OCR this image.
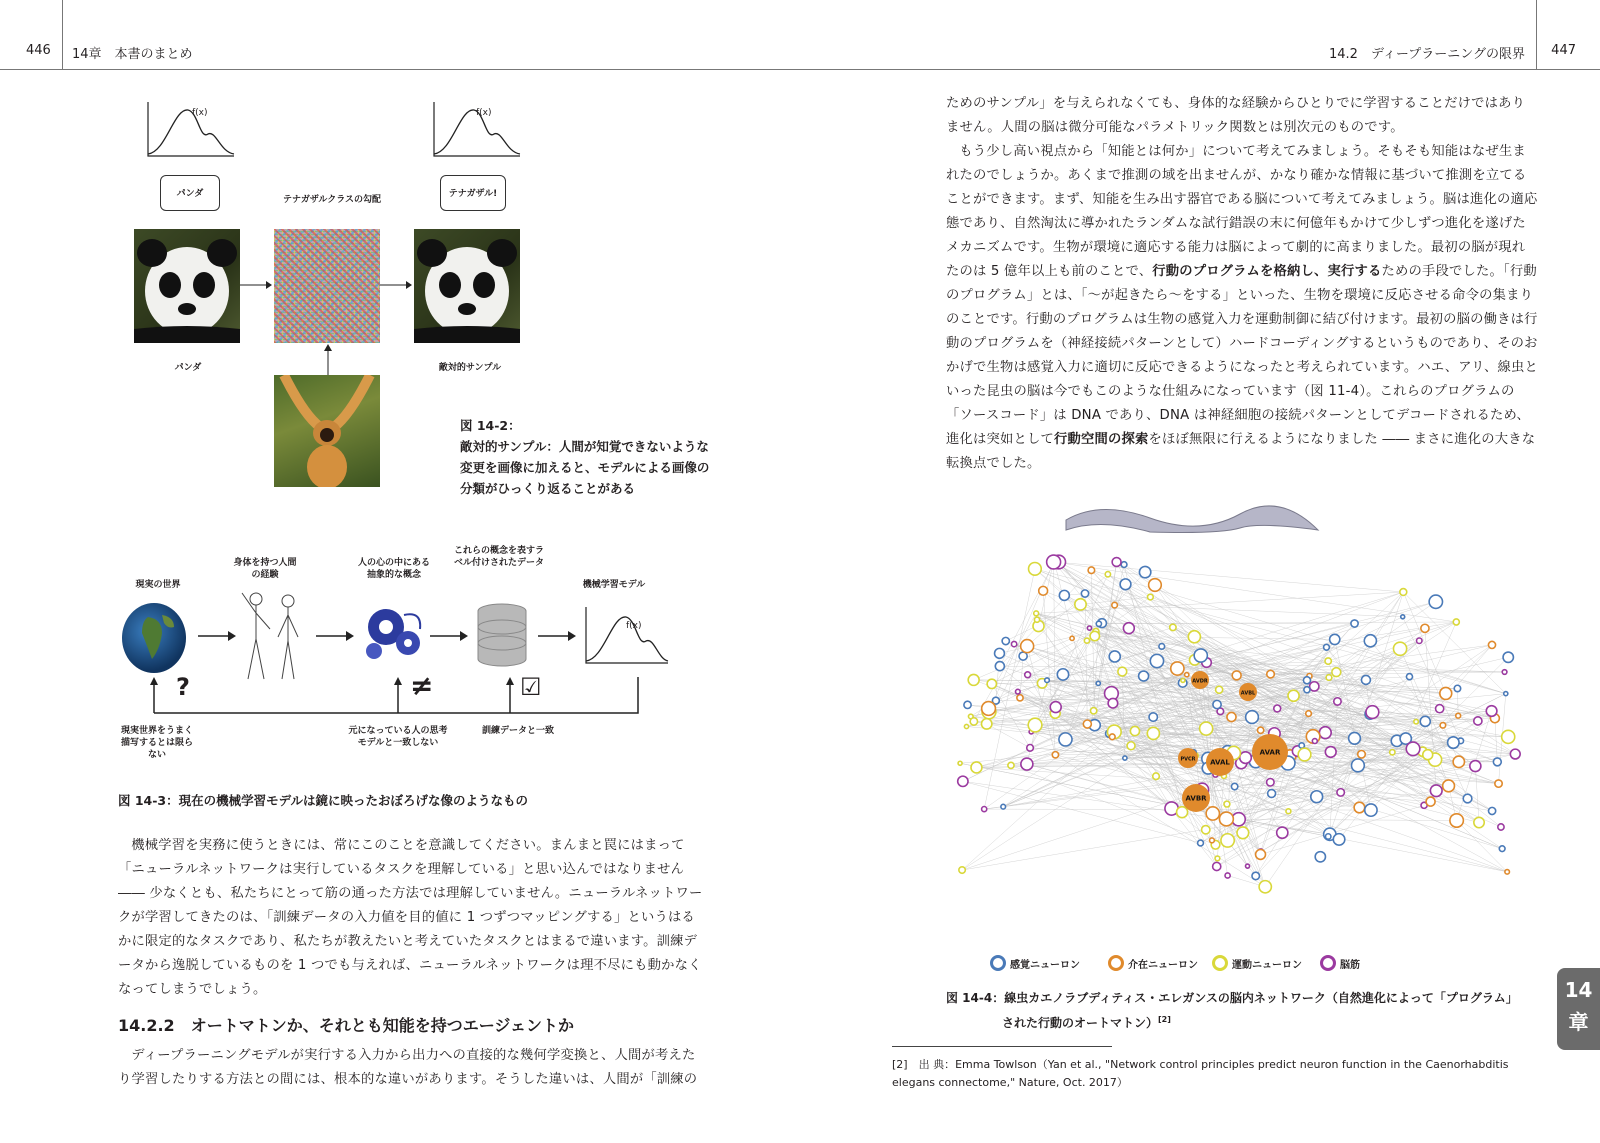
446 14章　本書のまとめ	14.2　ディープラーニングの限界 447
f(x)
パンダ
f(x)
テナガザル!
テナガザルクラスの勾配
パンダ	敵対的サンプル
図 14-2：
敵対的サンプル：人間が知覚できないような変更を画像に加えると、モデルによる画像の分類がひっくり返ることがある
現実の世界
身体を持つ人間の経験
人の心の中にある抽象的な概念
これらの概念を表すラベル付けされたデータ
機械学習モデル
f(x)
?	≠	☑
現実世界をうまく描写するとは限らない
元になっている人の思考モデルと一致しない
訓練データと一致
図 14-3：現在の機械学習モデルは鏡に映ったおぼろげな像のようなもの

機械学習を実務に使うときには、常にこのことを意識してください。まんまと罠にはまって「ニューラルネットワークは実行しているタスクを理解している」と思い込んではなりません ―― 少なくとも、私たちにとって筋の通った方法では理解していません。ニューラルネットワークが学習してきたのは、「訓練データの入力値を目的値に 1 つずつマッピングする」というはるかに限定的なタスクであり、私たちが教えたいと考えていたタスクとはまるで違います。訓練データから逸脱しているものを 1 つでも与えれば、ニューラルネットワークは理不尽にも動かなくなってしまうでしょう。

14.2.2　オートマトンか、それとも知能を持つエージェントか

ディープラーニングモデルが実行する入力から出力への直接的な幾何学変換と、人間が考えたり学習したりする方法との間には、根本的な違いがあります。そうした違いは、人間が「訓練の

ためのサンプル」を与えられなくても、身体的な経験からひとりでに学習することだけではありません。人間の脳は微分可能なパラメトリック関数とは別次元のものです。

もう少し高い視点から「知能とは何か」について考えてみましょう。そもそも知能はなぜ生まれたのでしょうか。あくまで推測の域を出ませんが、かなり確かな情報に基づいて推測を立てることができます。まず、知能を生み出す器官である脳について考えてみましょう。脳は進化の適応態であり、自然淘汰に導かれたランダムな試行錯誤の末に何億年もかけて少しずつ進化を遂げたメカニズムです。生物が環境に適応する能力は脳によって劇的に高まりました。最初の脳が現れたのは 5 億年以上も前のことで、行動のプログラムを格納し、実行するための手段でした。「行動のプログラム」とは、「〜が起きたら〜をする」といった、生物を環境に反応させる命令の集まりのことです。行動のプログラムは生物の感覚入力を運動制御に結び付けます。最初の脳の働きは行動のプログラムを（神経接続パターンとして）ハードコーディングするというものであり、そのおかげで生物は感覚入力に適切に反応できるようになったと考えられています。ハエ、アリ、線虫といった昆虫の脳は今でもこのような仕組みになっています（図 11-4）。これらのプログラムの「ソースコード」は DNA であり、DNA は神経細胞の接続パターンとしてデコードされるため、進化は突如として行動空間の探索をほぼ無限に行えるようになりました ―― まさに進化の大きな転換点でした。

AVAR
AVAL
AVBL
AVBR
PVCR
AVDR
感覚ニューロン	介在ニューロン	運動ニューロン	脳筋
図 14-4：線虫カエノラブディティス・エレガンスの脳内ネットワーク（自然進化によって「プログラム」
された行動のオートマトン）[2]
[2]　出 典：Emma Towlson（Yan et al., "Network control principles predict neuron function in the Caenorhabditis elegans connectome," Nature, Oct. 2017）
14
章
